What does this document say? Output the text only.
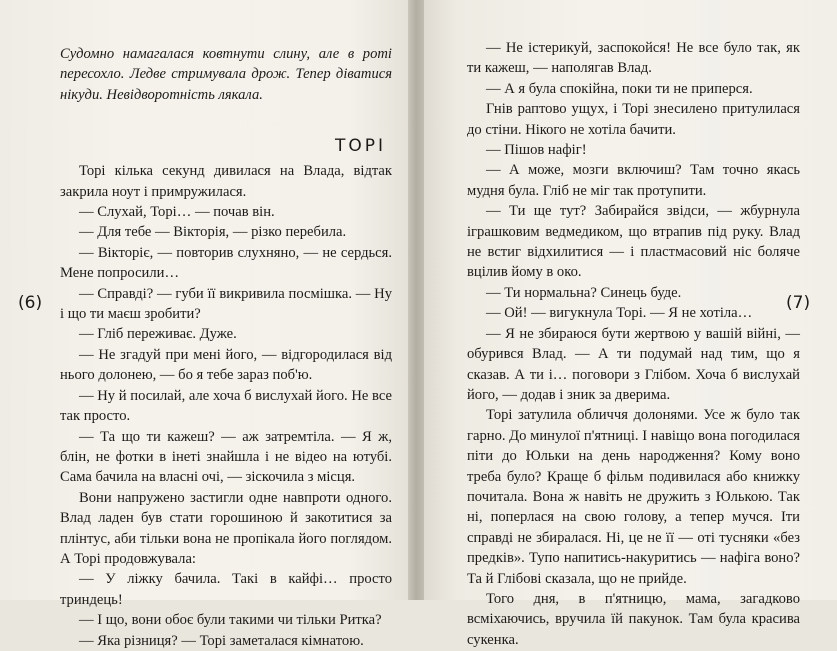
(6)

Судомно намагалася ковтнути слину, але в роті пересохло. Ледве стримувала дрож. Тепер діватися нікуди. Невідворотність лякала.

ТОРІ

Торі кілька секунд дивилася на Влада, відтак закрила ноут і примружилася.

— Слухай, Торі… — почав він.

— Для тебе — Вікторія, — різко перебила.

— Вікторіє, — повторив слухняно, — не сердься. Мене попросили…

— Справді? — губи її викривила посмішка. — Ну і що ти маєш зробити?

— Гліб переживає. Дуже.

— Не згадуй при мені його, — відгородилася від нього долонею, — бо я тебе зараз поб'ю.

— Ну й посилай, але хоча б вислухай його. Не все так просто.

— Та що ти кажеш? — аж затремтіла. — Я ж, блін, не фотки в інеті знайшла і не відео на ютубі. Сама бачила на власні очі, — зіскочила з місця.

Вони напружено застигли одне навпроти одного. Влад ладен був стати горошиною й закотитися за плінтус, аби тільки вона не пропікала його поглядом. А Торі продовжувала:

— У ліжку бачила. Такі в кайфі… просто триндець!

— І що, вони обоє були такими чи тільки Ритка?

— Яка різниця? — Торі заметалася кімнатою.

(7)

— Не істерикуй, заспокойся! Не все було так, як ти кажеш, — наполягав Влад.

— А я була спокійна, поки ти не приперся.

Гнів раптово ущух, і Торі знесилено притулилася до стіни. Нікого не хотіла бачити.

— Пішов нафіг!

— А може, мозги включиш? Там точно якась мудня була. Гліб не міг так протупити.

— Ти ще тут? Забирайся звідси, — жбурнула іграшковим ведмедиком, що втрапив під руку. Влад не встиг відхилитися — і пластмасовий ніс боляче вцілив йому в око.

— Ти нормальна? Синець буде.

— Ой! — вигукнула Торі. — Я не хотіла…

— Я не збираюся бути жертвою у вашій війні, — обурився Влад. — А ти подумай над тим, що я сказав. А ти і… поговори з Глібом. Хоча б вислухай його, — додав і зник за дверима.

Торі затулила обличчя долонями. Усе ж було так гарно. До минулої п'ятниці. І навіщо вона погодилася піти до Юльки на день народження? Кому воно треба було? Краще б фільм подивилася або книжку почитала. Вона ж навіть не дружить з Юлькою. Так ні, поперлася на свою голову, а тепер мучся. Іти справді не збиралася. Ні, це не її — оті тусняки «без предків». Тупо напитись-накуритись — нафіга воно? Та й Глібові сказала, що не прийде.

Того дня, в п'ятницю, мама, загадково всміхаючись, вручила їй пакунок. Там була красива сукенка.
